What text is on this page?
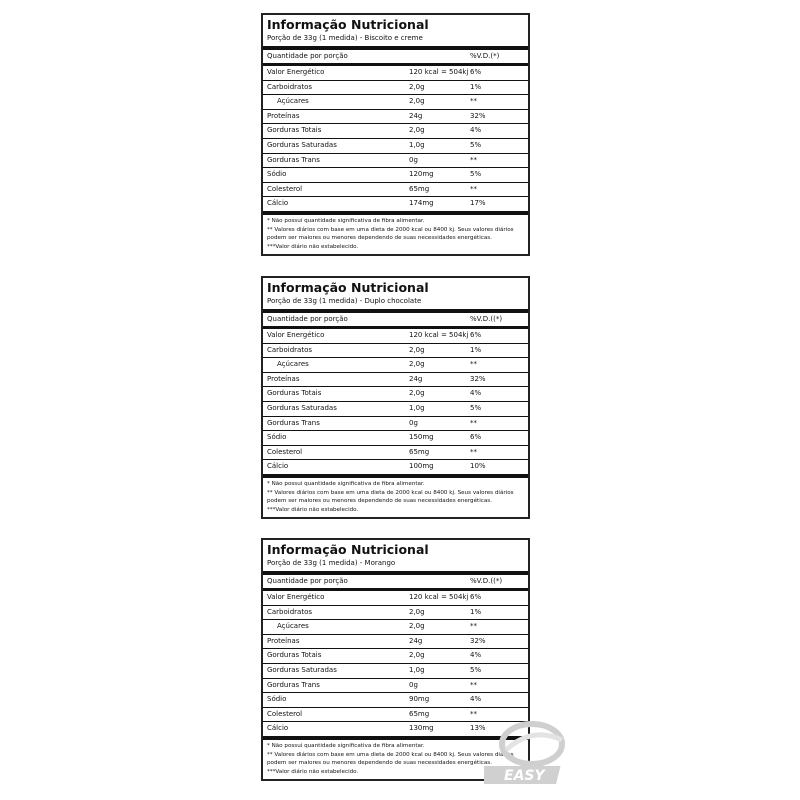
Informação Nutricional
Porção de 33g (1 medida) - Biscoito e creme
Quantidade por porção	%V.D.(*)
Valor Energético	120 kcal = 504kj 6%
Carboidratos	2,0g	1%
Açúcares	2,0g	**
Proteínas	24g	32%
Gorduras Totais	2,0g	4%
Gorduras Saturadas	1,0g	5%
Gorduras Trans	0g	**
Sódio	120mg	5%
Colesterol	65mg	**
Cálcio	174mg	17%
* Não possui quantidade significativa de fibra alimentar.
** Valores diários com base em uma dieta de 2000 kcal ou 8400 kj. Seus valores diários podem ser maiores ou menores dependendo de suas necessidades energéticas.
***Valor diário não estabelecido.
Informação Nutricional
Porção de 33g (1 medida) - Duplo chocolate
Quantidade por porção	%V.D.((*)
Valor Energético	120 kcal = 504kj 6%
Carboidratos	2,0g	1%
Açúcares	2,0g	**
Proteínas	24g	32%
Gorduras Totais	2,0g	4%
Gorduras Saturadas	1,0g	5%
Gorduras Trans	0g	**
Sódio	150mg	6%
Colesterol	65mg	**
Cálcio	100mg	10%
* Não possui quantidade significativa de fibra alimentar.
** Valores diários com base em uma dieta de 2000 kcal ou 8400 kj. Seus valores diários podem ser maiores ou menores dependendo de suas necessidades energéticas.
***Valor diário não estabelecido.
Informação Nutricional
Porção de 33g (1 medida) - Morango
Quantidade por porção	%V.D.((*)
Valor Energético	120 kcal = 504kj 6%
Carboidratos	2,0g	1%
Açúcares	2,0g	**
Proteínas	24g	32%
Gorduras Totais	2,0g	4%
Gorduras Saturadas	1,0g	5%
Gorduras Trans	0g	**
Sódio	90mg	4%
Colesterol	65mg	**
Cálcio	130mg	13%
* Não possui quantidade significativa de fibra alimentar.
** Valores diários com base em uma dieta de 2000 kcal ou 8400 kj. Seus valores diários podem ser maiores ou menores dependendo de suas necessidades energéticas.
***Valor diário não estabelecido.	EASY
